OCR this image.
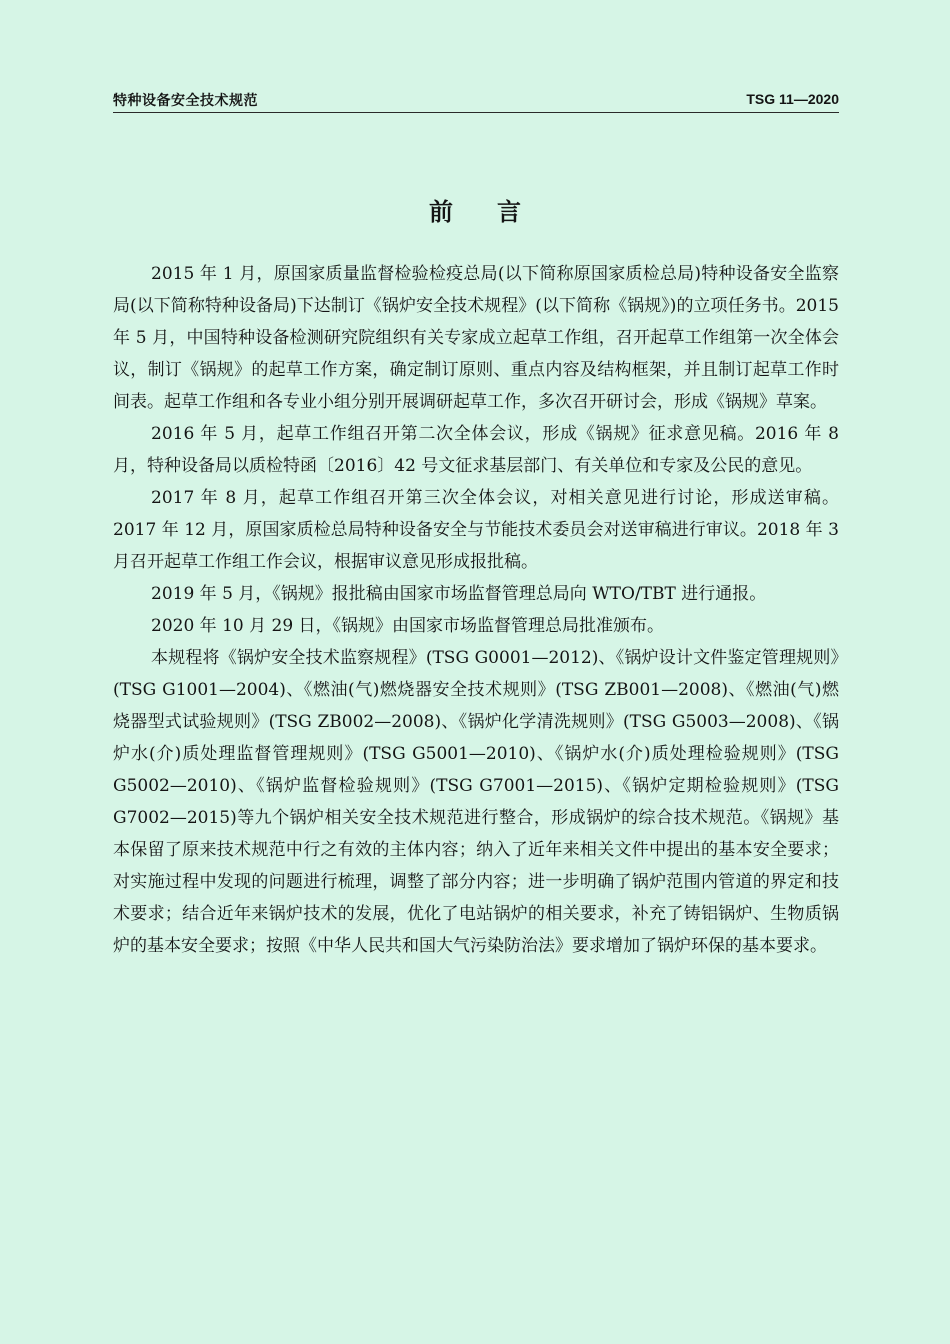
特种设备安全技术规范	TSG 11—2020
前言

2015 年 1 月，原国家质量监督检验检疫总局(以下简称原国家质检总局)特种设备安全监察局(以下简称特种设备局)下达制订《锅炉安全技术规程》(以下简称《锅规》)的立项任务书。2015 年 5 月，中国特种设备检测研究院组织有关专家成立起草工作组，召开起草工作组第一次全体会议，制订《锅规》的起草工作方案，确定制订原则、重点内容及结构框架，并且制订起草工作时间表。起草工作组和各专业小组分别开展调研起草工作，多次召开研讨会，形成《锅规》草案。

2016 年 5 月，起草工作组召开第二次全体会议，形成《锅规》征求意见稿。2016 年 8 月，特种设备局以质检特函〔2016〕42 号文征求基层部门、有关单位和专家及公民的意见。

2017 年 8 月，起草工作组召开第三次全体会议，对相关意见进行讨论，形成送审稿。2017 年 12 月，原国家质检总局特种设备安全与节能技术委员会对送审稿进行审议。2018 年 3 月召开起草工作组工作会议，根据审议意见形成报批稿。

2019 年 5 月，《锅规》报批稿由国家市场监督管理总局向 WTO/TBT 进行通报。

2020 年 10 月 29 日，《锅规》由国家市场监督管理总局批准颁布。

本规程将《锅炉安全技术监察规程》(TSG G0001—2012)、《锅炉设计文件鉴定管理规则》(TSG G1001—2004)、《燃油(气)燃烧器安全技术规则》(TSG ZB001—2008)、《燃油(气)燃烧器型式试验规则》(TSG ZB002—2008)、《锅炉化学清洗规则》(TSG G5003—2008)、《锅炉水(介)质处理监督管理规则》(TSG G5001—2010)、《锅炉水(介)质处理检验规则》(TSG G5002—2010)、《锅炉监督检验规则》(TSG G7001—2015)、《锅炉定期检验规则》(TSG G7002—2015)等九个锅炉相关安全技术规范进行整合，形成锅炉的综合技术规范。《锅规》基本保留了原来技术规范中行之有效的主体内容；纳入了近年来相关文件中提出的基本安全要求；对实施过程中发现的问题进行梳理，调整了部分内容；进一步明确了锅炉范围内管道的界定和技术要求；结合近年来锅炉技术的发展，优化了电站锅炉的相关要求，补充了铸铝锅炉、生物质锅炉的基本安全要求；按照《中华人民共和国大气污染防治法》要求增加了锅炉环保的基本要求。
